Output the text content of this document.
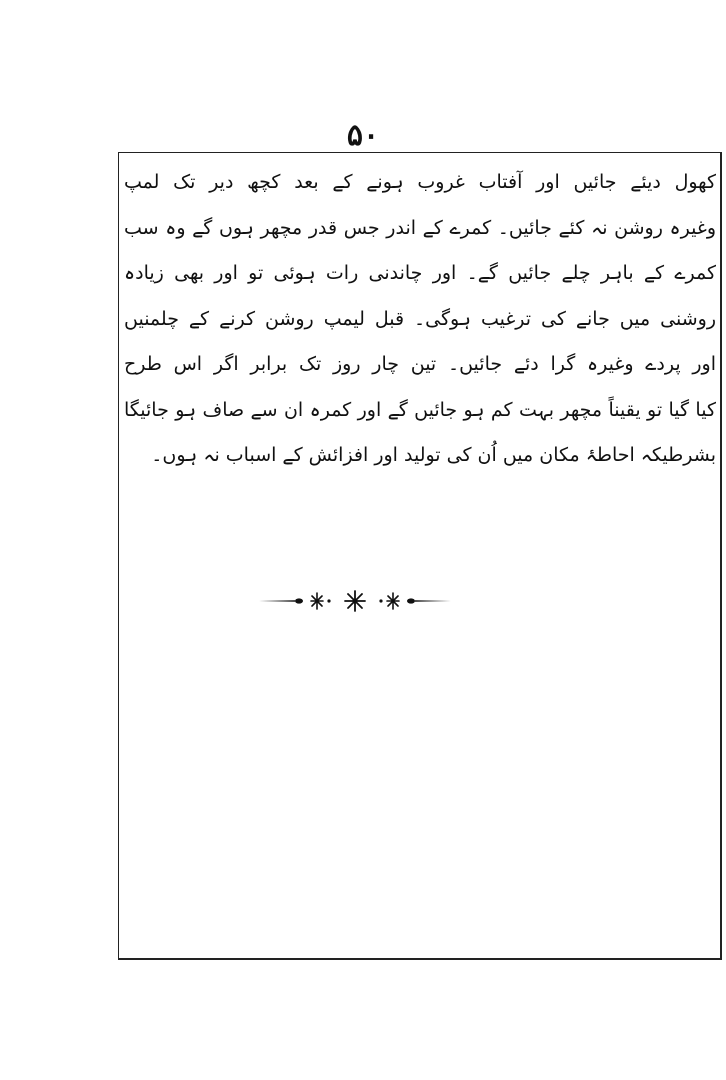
۵۰
کھول دیئے جائیں اور آفتاب غروب ہونے کے بعد کچھ دیر تک لمپ
وغیرہ روشن نہ کئے جائیں۔ کمرے کے اندر جس قدر مچھر ہوں گے وہ سب
کمرے کے باہر چلے جائیں گے۔ اور چاندنی رات ہوئی تو اور بھی زیادہ
روشنی میں جانے کی ترغیب ہوگی۔ قبل لیمپ روشن کرنے کے چلمنیں
اور پردے وغیرہ گرا دئے جائیں۔ تین چار روز تک برابر اگر اس طرح
کیا گیا تو یقیناً مچھر بہت کم ہو جائیں گے اور کمرہ ان سے صاف ہو جائیگا
بشرطیکہ احاطۂ مکان میں اُن کی تولید اور افزائش کے اسباب نہ ہوں۔
